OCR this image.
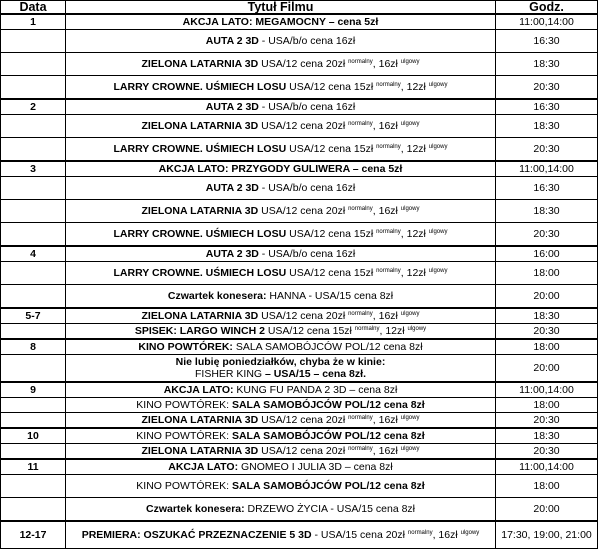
Data	Tytuł Filmu	Godz.
1	AKCJA LATO: MEGAMOCNY – cena 5zł	11:00,14:00
	AUTA 2 3D - USA/b/o cena 16zł	16:30
	ZIELONA LATARNIA 3D USA/12 cena 20zł $^{normalny}$, 16zł $^{ulgowy}$	18:30
	LARRY CROWNE. UŚMIECH LOSU USA/12 cena 15zł $^{normalny}$, 12zł $^{ulgowy}$	20:30
2	AUTA 2 3D - USA/b/o cena 16zł	16:30
	ZIELONA LATARNIA 3D USA/12 cena 20zł $^{normalny}$, 16zł $^{ulgowy}$	18:30
	LARRY CROWNE. UŚMIECH LOSU USA/12 cena 15zł $^{normalny}$, 12zł $^{ulgowy}$	20:30
3	AKCJA LATO: PRZYGODY GULIWERA – cena 5zł	11:00,14:00
	AUTA 2 3D - USA/b/o cena 16zł	16:30
	ZIELONA LATARNIA 3D USA/12 cena 20zł $^{normalny}$, 16zł $^{ulgowy}$	18:30
	LARRY CROWNE. UŚMIECH LOSU USA/12 cena 15zł $^{normalny}$, 12zł $^{ulgowy}$	20:30
4	AUTA 2 3D - USA/b/o cena 16zł	16:00
	LARRY CROWNE. UŚMIECH LOSU USA/12 cena 15zł $^{normalny}$, 12zł $^{ulgowy}$	18:00
	Czwartek konesera: HANNA - USA/15 cena 8zł	20:00
5-7	ZIELONA LATARNIA 3D USA/12 cena 20zł $^{normalny}$, 16zł $^{ulgowy}$	18:30
	SPISEK: LARGO WINCH 2 USA/12 cena 15zł $^{normalny}$, 12zł $^{ulgowy}$	20:30
8	KINO POWTÓREK: SALA SAMOBÓJCÓW POL/12 cena 8zł	18:00
	Nie lubię poniedziałków, chyba że w kinie:
FISHER KING – USA/15 – cena 8zł.	20:00
9	AKCJA LATO: KUNG FU PANDA 2 3D – cena 8zł	11:00,14:00
	KINO POWTÓREK: SALA SAMOBÓJCÓW POL/12 cena 8zł	18:00
	ZIELONA LATARNIA 3D USA/12 cena 20zł $^{normalny}$, 16zł $^{ulgowy}$	20:30
10	KINO POWTÓREK: SALA SAMOBÓJCÓW POL/12 cena 8zł	18:30
	ZIELONA LATARNIA 3D USA/12 cena 20zł $^{normalny}$, 16zł $^{ulgowy}$	20:30
11	AKCJA LATO: GNOMEO I JULIA 3D – cena 8zł	11:00,14:00
	KINO POWTÓREK: SALA SAMOBÓJCÓW POL/12 cena 8zł	18:00
	Czwartek konesera: DRZEWO ŻYCIA - USA/15 cena 8zł	20:00
12-17	PREMIERA: OSZUKAĆ PRZEZNACZENIE 5 3D - USA/15 cena 20zł $^{normalny}$, 16zł $^{ulgowy}$	17:30, 19:00, 21:00
